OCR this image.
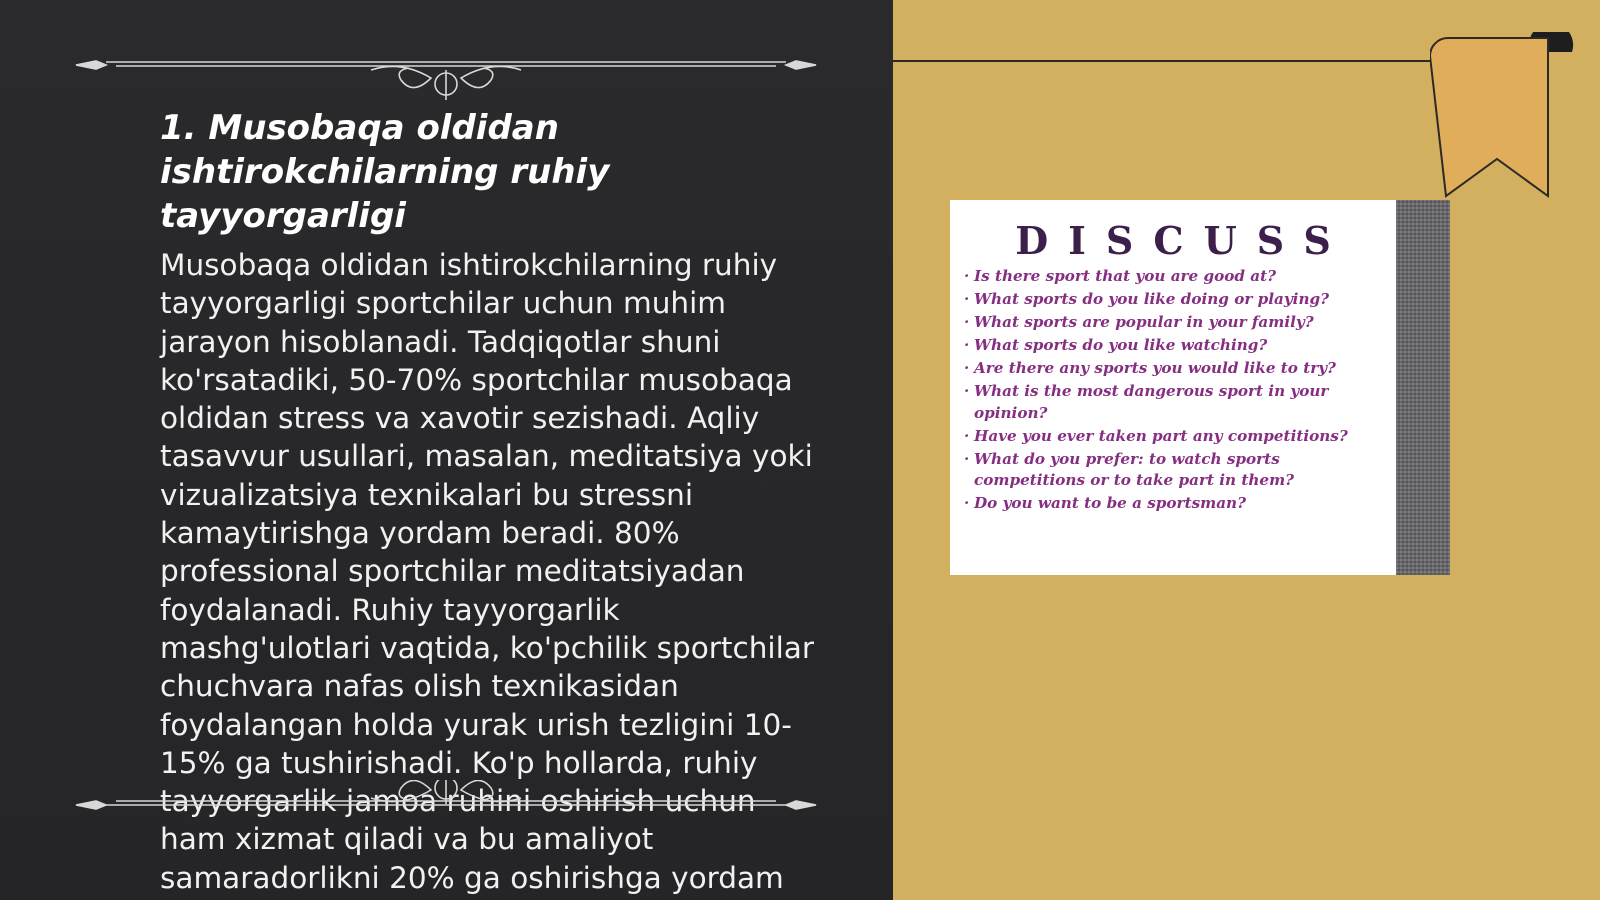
1. Musobaqa oldidan ishtirokchilarning ruhiy tayyorgarligi

Musobaqa oldidan ishtirokchilarning ruhiy tayyorgarligi sportchilar uchun muhim jarayon hisoblanadi. Tadqiqotlar shuni ko'rsatadiki, 50-70% sportchilar musobaqa oldidan stress va xavotir sezishadi. Aqliy tasavvur usullari, masalan, meditatsiya yoki vizualizatsiya texnikalari bu stressni kamaytirishga yordam beradi. 80% professional sportchilar meditatsiyadan foydalanadi. Ruhiy tayyorgarlik mashg'ulotlari vaqtida, ko'pchilik sportchilar chuchvara nafas olish texnikasidan foydalangan holda yurak urish tezligini 10-15% ga tushirishadi. Ko'p hollarda, ruhiy tayyorgarlik jamoa ruhini oshirish uchun ham xizmat qiladi va bu amaliyot samaradorlikni 20% ga oshirishga yordam

DISCUSS
· Is there sport that you are good at?
· What sports do you like doing or playing?
· What sports are popular in your family?
· What sports do you like watching?
· Are there any sports you would like to try?
· What is the most dangerous sport in your opinion?
· Have you ever taken part any competitions?
· What do you prefer: to watch sports competitions or to take part in them?
· Do you want to be a sportsman?
